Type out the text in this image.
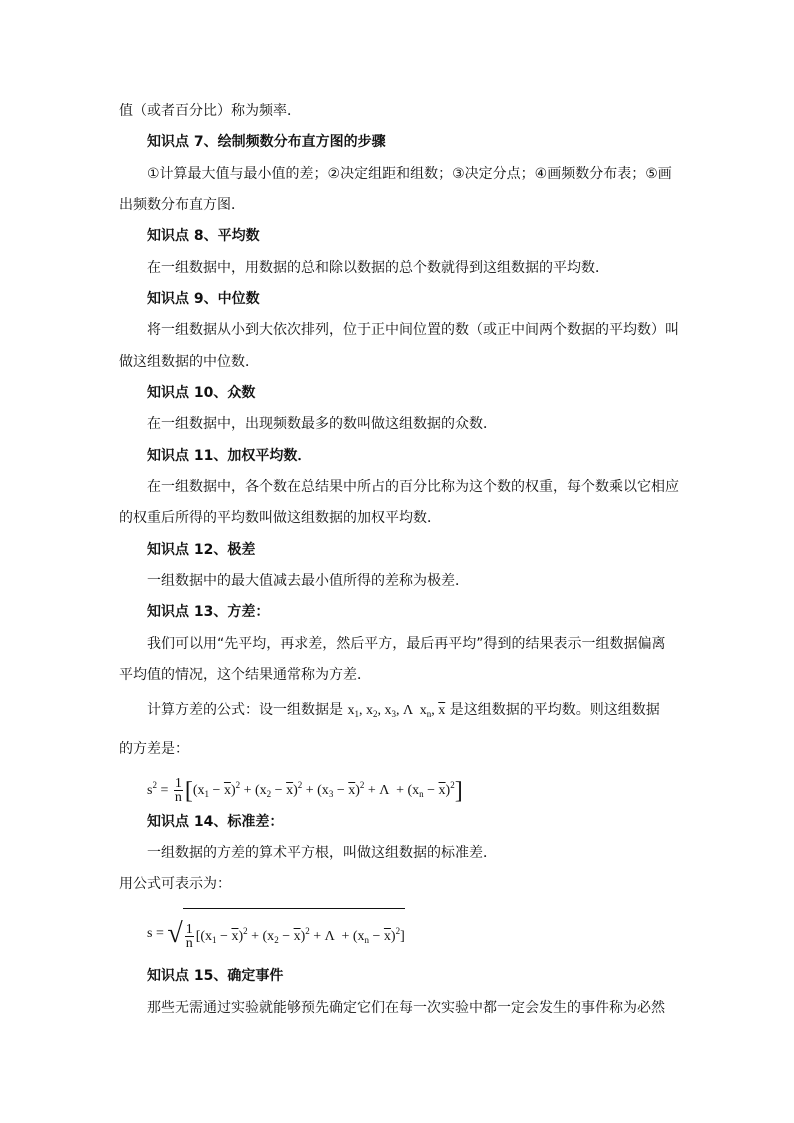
值（或者百分比）称为频率．
知识点 7、绘制频数分布直方图的步骤
①计算最大值与最小值的差；②决定组距和组数；③决定分点；④画频数分布表；⑤画
出频数分布直方图．
知识点 8、平均数
在一组数据中，用数据的总和除以数据的总个数就得到这组数据的平均数．
知识点 9、中位数
将一组数据从小到大依次排列，位于正中间位置的数（或正中间两个数据的平均数）叫
做这组数据的中位数．
知识点 10、众数
在一组数据中，出现频数最多的数叫做这组数据的众数．
知识点 11、加权平均数．
在一组数据中，各个数在总结果中所占的百分比称为这个数的权重，每个数乘以它相应
的权重后所得的平均数叫做这组数据的加权平均数．
知识点 12、极差
一组数据中的最大值减去最小值所得的差称为极差．
知识点 13、方差：
我们可以用“先平均，再求差，然后平方，最后再平均”得到的结果表示一组数据偏离
平均值的情况，这个结果通常称为方差．
计算方差的公式：设一组数据是 $x_1$, $x_2$, $x_3$, Λ  $x_n$, $\overline{x}$ 是这组数据的平均数。则这组数据
的方差是：
$s^2 = \frac{1}{n} [(x_1 - \overline{x})^2 + (x_2 - \overline{x})^2 + (x_3 - \overline{x})^2 + \Lambda + (x_n - \overline{x})^2]$
知识点 14、标准差：
一组数据的方差的算术平方根，叫做这组数据的标准差．
用公式可表示为：
s = √ $\frac{1}{n} [(x_1 - \overline{x})^2 + (x_2 - \overline{x})^2 + \Lambda + (x_n - \overline{x})^2]$
知识点 15、确定事件
那些无需通过实验就能够预先确定它们在每一次实验中都一定会发生的事件称为必然
